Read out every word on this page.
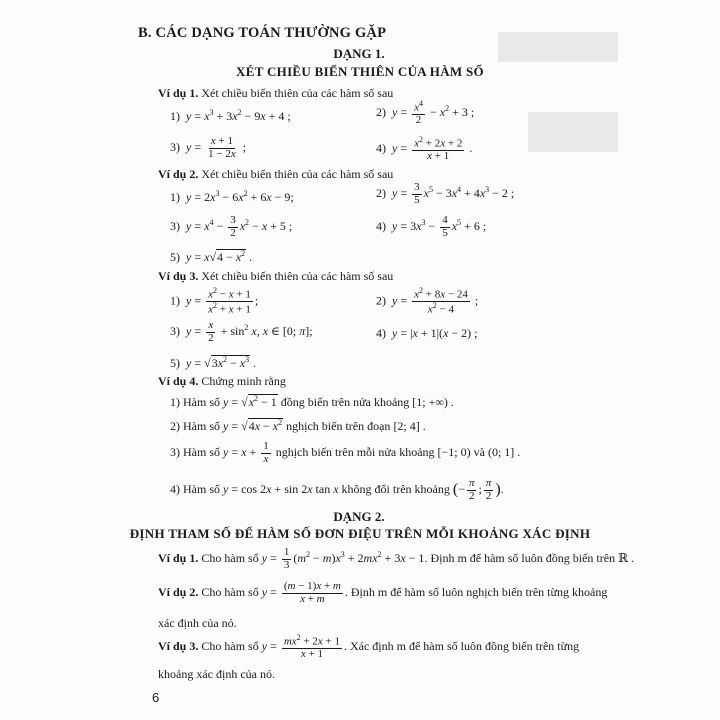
B. CÁC DẠNG TOÁN THƯỜNG GẶP
DẠNG 1.
XÉT CHIỀU BIẾN THIÊN CỦA HÀM SỐ
Ví dụ 1. Xét chiều biến thiên của các hàm số sau
1)  $y = x^3 + 3x^2 - 9x + 4$ ;	2)  $y = \frac{x^4}{2} - x^2 + 3$ ;
3)  $y = \frac{x + 1}{1 - 2x}$ ;	4)  $y = \frac{x^2 + 2x + 2}{x + 1}$ .
Ví dụ 2. Xét chiều biến thiên của các hàm số sau
1)  $y = 2x^3 - 6x^2 + 6x - 9$;	2)  $y = \frac{3}{5} x^5 - 3x^4 + 4x^3 - 2$ ;
3)  $y = x^4 - \frac{3}{2} x^2 - x + 5$ ;	4)  $y = 3x^3 - \frac{4}{5} x^5 + 6$ ;
5)  $y = x√4 - x^2$ .
Ví dụ 3. Xét chiều biến thiên của các hàm số sau
1)  $y = \frac{x^2 - x + 1}{x^2 + x + 1}$ ;	2)  $y = \frac{x^2 + 8x - 24}{x^2 - 4}$ ;
3)  $y = \frac{x}{2} + \sin^2 x$, x ∈ [0; π];	4)  y = |x + 1|(x − 2) ;
5)  $y = √3x^2 - x^3$ .
Ví dụ 4. Chứng minh rằng
1) Hàm số $y = √x^2 - 1$ đồng biến trên nửa khoảng [1; +∞) .
2) Hàm số $y = √4x - x^2$ nghịch biến trên đoạn [2; 4] .
3) Hàm số $y = x + \frac{1}{x}$ nghịch biến trên mỗi nửa khoảng [−1; 0) và (0; 1] .
4) Hàm số y = cos 2x + sin 2x tan x không đổi trên khoảng (− $\frac{\pi}{2}$ ; $\frac{\pi}{2}$ ).
DẠNG 2.
ĐỊNH THAM SỐ ĐỂ HÀM SỐ ĐƠN ĐIỆU TRÊN MỖI KHOẢNG XÁC ĐỊNH
Ví dụ 1. Cho hàm số $y = \frac{1}{3} (m^2 - m)x^3 + 2mx^2 + 3x - 1$. Định m để hàm số luôn đồng biến trên ℝ .
Ví dụ 2. Cho hàm số $y = \frac{(m - 1)x + m}{x + m}$ . Định m để hàm số luôn nghịch biến trên từng khoảng
xác định của nó.
Ví dụ 3. Cho hàm số $y = \frac{mx^2 + 2x + 1}{x + 1}$ . Xác định m để hàm số luôn đồng biến trên từng
khoảng xác định của nó.
6
